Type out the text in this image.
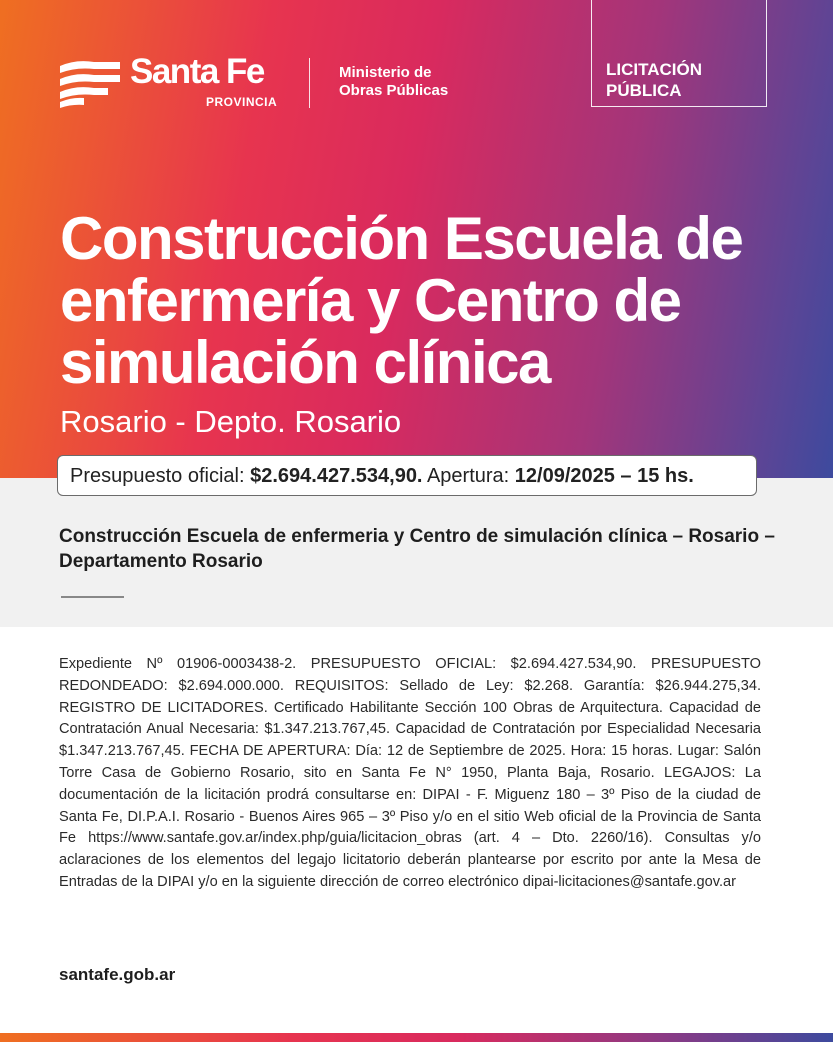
Santa Fe
PROVINCIA
Ministerio de
Obras Públicas
LICITACIÓN
PÚBLICA
Construcción Escuela de enfermería y Centro de simulación clínica
Rosario - Depto. Rosario
Presupuesto oficial: $2.694.427.534,90. Apertura: 12/09/2025 – 15 hs.
Construcción Escuela de enfermeria y Centro de simulación clínica – Rosario – Departamento Rosario

Expediente Nº 01906-0003438-2. PRESUPUESTO OFICIAL: $2.694.427.534,90. PRESUPUESTO REDONDEADO: $2.694.000.000. REQUISITOS: Sellado de Ley: $2.268. Garantía: $26.944.275,34. REGISTRO DE LICITADORES. Certificado Habilitante Sección 100 Obras de Arquitectura. Capacidad de Contratación Anual Necesaria: $1.347.213.767,45. Capacidad de Contratación por Especialidad Necesaria $1.347.213.767,45. FECHA DE APERTURA: Día: 12 de Septiembre de 2025. Hora: 15 horas. Lugar: Salón Torre Casa de Gobierno Rosario, sito en Santa Fe N° 1950, Planta Baja, Rosario. LEGAJOS: La documentación de la licitación prodrá consultarse en: DIPAI - F. Miguenz 180 – 3º Piso de la ciudad de Santa Fe, DI.P.A.I. Rosario - Buenos Aires 965 – 3º Piso y/o en el sitio Web oficial de la Provincia de Santa Fe https://www.santafe.gov.ar/index.php/guia/licitacion_obras (art. 4 – Dto. 2260/16). Consultas y/o aclaraciones de los elementos del legajo licitatorio deberán plantearse por escrito por ante la Mesa de Entradas de la DIPAI y/o en la siguiente dirección de correo electrónico dipai-licitaciones@santafe.gov.ar

santafe.gob.ar
